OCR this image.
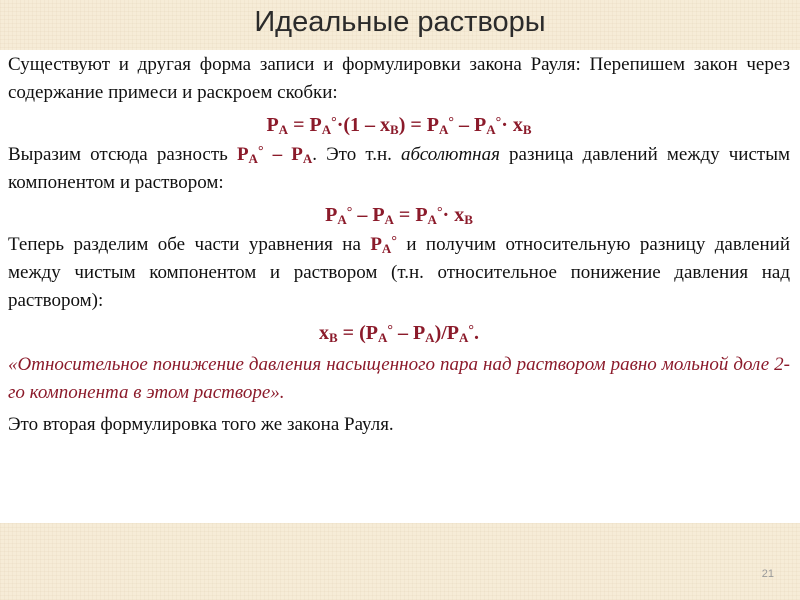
Идеальные растворы

Существуют и другая форма записи и формулировки закона Рауля: Перепишем закон через содержание примеси и раскроем скобки:

$P_A = P_A^\circ\cdot(1 - x_B) = P_A^\circ - P_A^\circ\cdot x_B$

Выразим отсюда разность $P_A^\circ - P_A$. Это т.н. абсолютная разница давлений между чистым компонентом и раствором:

$P_A^\circ - P_A = P_A^\circ\cdot x_B$

Теперь разделим обе части уравнения на $P_A^\circ$ и получим относительную разницу давлений между чистым компонентом и раствором (т.н. относительное понижение давления над раствором):

$x_B = (P_A^\circ - P_A)/P_A^\circ$.

«Относительное понижение давления насыщенного пара над раствором равно мольной доле 2-го компонента в этом растворе».

Это вторая формулировка того же закона Рауля.

21
